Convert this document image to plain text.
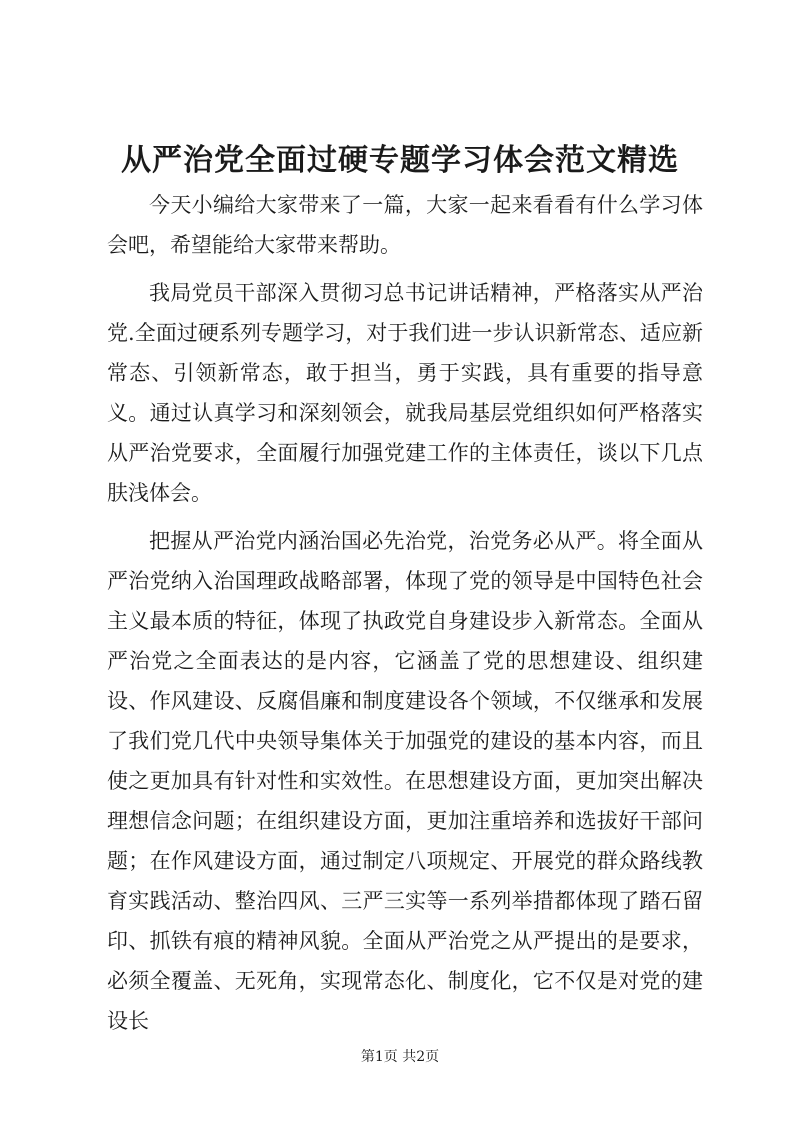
从严治党全面过硬专题学习体会范文精选

今天小编给大家带来了一篇，大家一起来看看有什么学习体会吧，希望能给大家带来帮助。

我局党员干部深入贯彻习总书记讲话精神，严格落实从严治党.全面过硬系列专题学习，对于我们进一步认识新常态、适应新常态、引领新常态，敢于担当，勇于实践，具有重要的指导意义。通过认真学习和深刻领会，就我局基层党组织如何严格落实从严治党要求，全面履行加强党建工作的主体责任，谈以下几点肤浅体会。

把握从严治党内涵治国必先治党，治党务必从严。将全面从严治党纳入治国理政战略部署，体现了党的领导是中国特色社会主义最本质的特征，体现了执政党自身建设步入新常态。全面从严治党之全面表达的是内容，它涵盖了党的思想建设、组织建设、作风建设、反腐倡廉和制度建设各个领域，不仅继承和发展了我们党几代中央领导集体关于加强党的建设的基本内容，而且使之更加具有针对性和实效性。在思想建设方面，更加突出解决理想信念问题；在组织建设方面，更加注重培养和选拔好干部问题；在作风建设方面，通过制定八项规定、开展党的群众路线教育实践活动、整治四风、三严三实等一系列举措都体现了踏石留印、抓铁有痕的精神风貌。全面从严治党之从严提出的是要求，必须全覆盖、无死角，实现常态化、制度化，它不仅是对党的建设长

第1页 共2页
